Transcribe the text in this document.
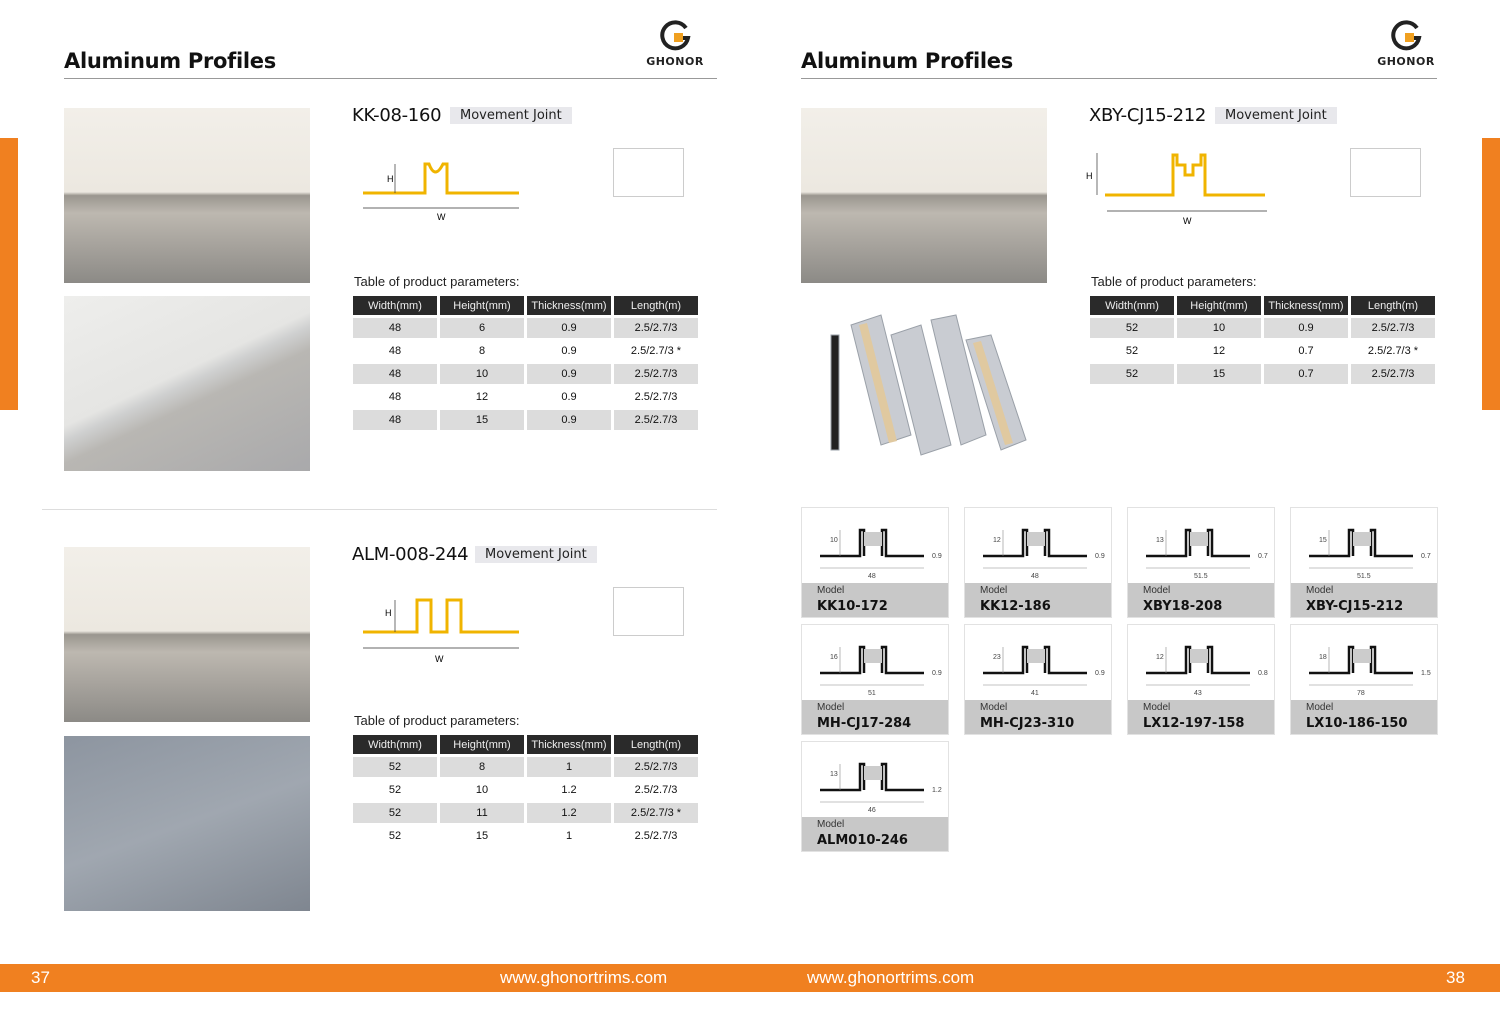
Aluminum Profiles	GHONOR
KK-08-160	Movement Joint
H
W
Table of product parameters:
Width(mm)	Height(mm)	Thickness(mm)	Length(m)
48	6	0.9	2.5/2.7/3
48	8	0.9	2.5/2.7/3 *
48	10	0.9	2.5/2.7/3
48	12	0.9	2.5/2.7/3
48	15	0.9	2.5/2.7/3
ALM-008-244	Movement Joint
H
W
Table of product parameters:
Width(mm)	Height(mm)	Thickness(mm)	Length(m)
52	8	1	2.5/2.7/3
52	10	1.2	2.5/2.7/3
52	11	1.2	2.5/2.7/3 *
52	15	1	2.5/2.7/3
Aluminum Profiles	GHONOR
XBY-CJ15-212	Movement Joint
H
W
Table of product parameters:
Width(mm)	Height(mm)	Thickness(mm)	Length(m)
52	10	0.9	2.5/2.7/3
52	12	0.7	2.5/2.7/3 *
52	15	0.7	2.5/2.7/3
10
48
0.9
Model
KK10-172
12
48
0.9
Model
KK12-186
13
51.5
0.7
Model
XBY18-208
15
51.5
0.7
Model
XBY-CJ15-212
16
51
0.9
Model
MH-CJ17-284
23
41
0.9
Model
MH-CJ23-310
12
43
0.8
Model
LX12-197-158
18
78
1.5
Model
LX10-186-150
13
46
1.2
Model
ALM010-246
37	www.ghonortrims.com	www.ghonortrims.com	38
